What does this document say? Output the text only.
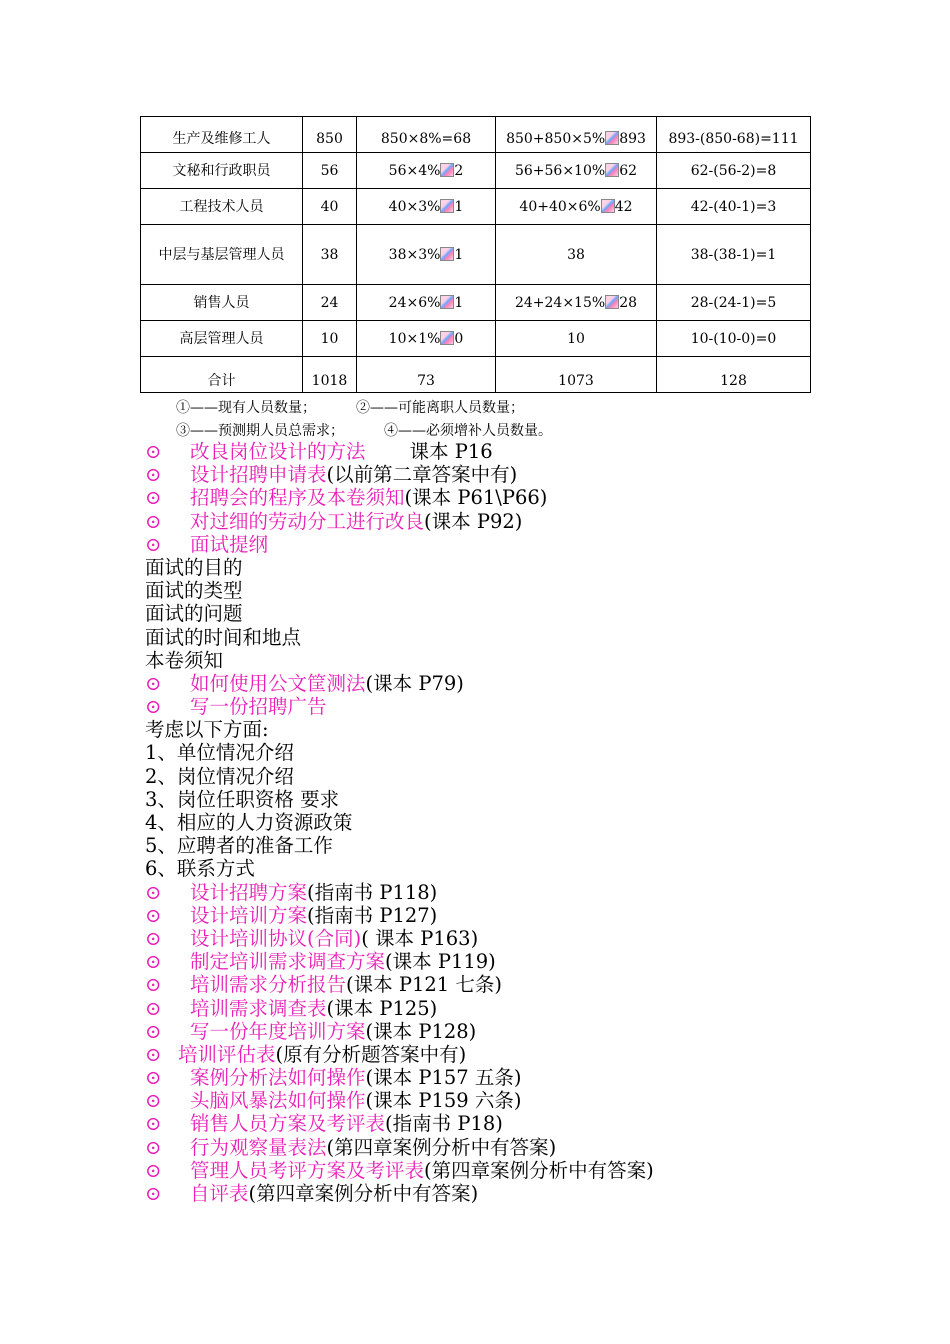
生产及维修工人	850	850×8%=68	850+850×5% 893	893-(850-68)=111
文秘和行政职员	56	56×4% 2	56+56×10% 62	62-(56-2)=8
工程技术人员	40	40×3% 1	40+40×6% 42	42-(40-1)=3
中层与基层管理人员	38	38×3% 1	38	38-(38-1)=1
销售人员	24	24×6% 1	24+24×15% 28	28-(24-1)=5
高层管理人员	10	10×1% 0	10	10-(10-0)=0
合计	1018	73	1073	128
①——现有人员数量；	②——可能离职人员数量；
③——预测期人员总需求；	④——必须增补人员数量。
⊙ 改良岗位设计的方法 课本 P16
⊙ 设计招聘申请表(以前第二章答案中有)
⊙ 招聘会的程序及本卷须知(课本 P61\P66)
⊙ 对过细的劳动分工进行改良(课本 P92)
⊙ 面试提纲
面试的目的
面试的类型
面试的问题
面试的时间和地点
本卷须知
⊙ 如何使用公文筐测法(课本 P79)
⊙ 写一份招聘广告
考虑以下方面:
1、单位情况介绍
2、岗位情况介绍
3、岗位任职资格 要求
4、相应的人力资源政策
5、应聘者的准备工作
6、联系方式
⊙ 设计招聘方案(指南书 P118)
⊙ 设计培训方案(指南书 P127)
⊙ 设计培训协议(合同)( 课本 P163)
⊙ 制定培训需求调查方案(课本 P119)
⊙ 培训需求分析报告(课本 P121 七条)
⊙ 培训需求调查表(课本 P125)
⊙ 写一份年度培训方案(课本 P128)
⊙ 培训评估表(原有分析题答案中有)
⊙ 案例分析法如何操作(课本 P157 五条)
⊙ 头脑风暴法如何操作(课本 P159 六条)
⊙ 销售人员方案及考评表(指南书 P18)
⊙ 行为观察量表法(第四章案例分析中有答案)
⊙ 管理人员考评方案及考评表(第四章案例分析中有答案)
⊙ 自评表(第四章案例分析中有答案)
